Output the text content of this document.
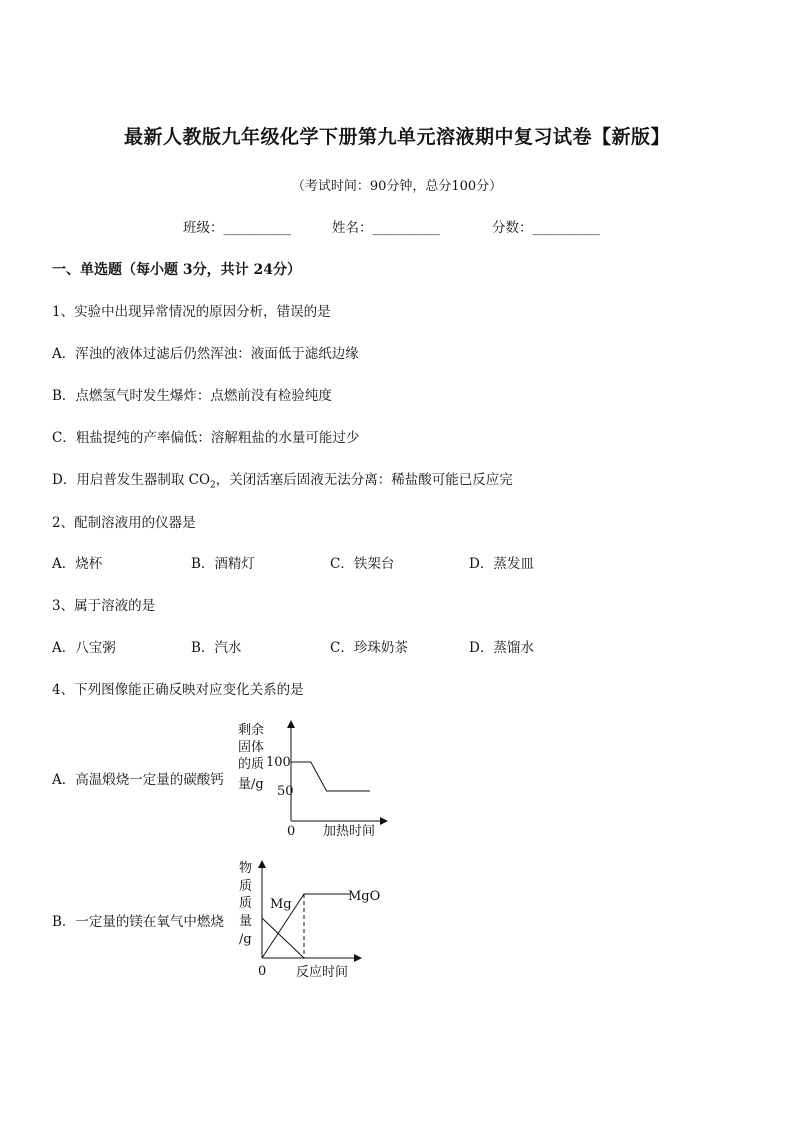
最新人教版九年级化学下册第九单元溶液期中复习试卷【新版】
（考试时间：90分钟，总分100分）
班级：__________	姓名：__________	分数：__________
一、单选题（每小题 3分，共计 24分）
1、实验中出现异常情况的原因分析，错误的是
A．浑浊的液体过滤后仍然浑浊：液面低于滤纸边缘
B．点燃氢气时发生爆炸：点燃前没有检验纯度
C．粗盐提纯的产率偏低：溶解粗盐的水量可能过少
D．用启普发生器制取 $CO_2$，关闭活塞后固液无法分离：稀盐酸可能已反应完
2、配制溶液用的仪器是
A．烧杯	B．酒精灯	C．铁架台	D．蒸发皿
3、属于溶液的是
A．八宝粥	B．汽水	C．珍珠奶茶	D．蒸馏水
4、下列图像能正确反映对应变化关系的是
A．高温煅烧一定量的碳酸钙
B．一定量的镁在氧气中燃烧
剩余
固体
的质
量/g
100
50
0 加热时间
物
质
质
量
/g
Mg
MgO
0 反应时间
